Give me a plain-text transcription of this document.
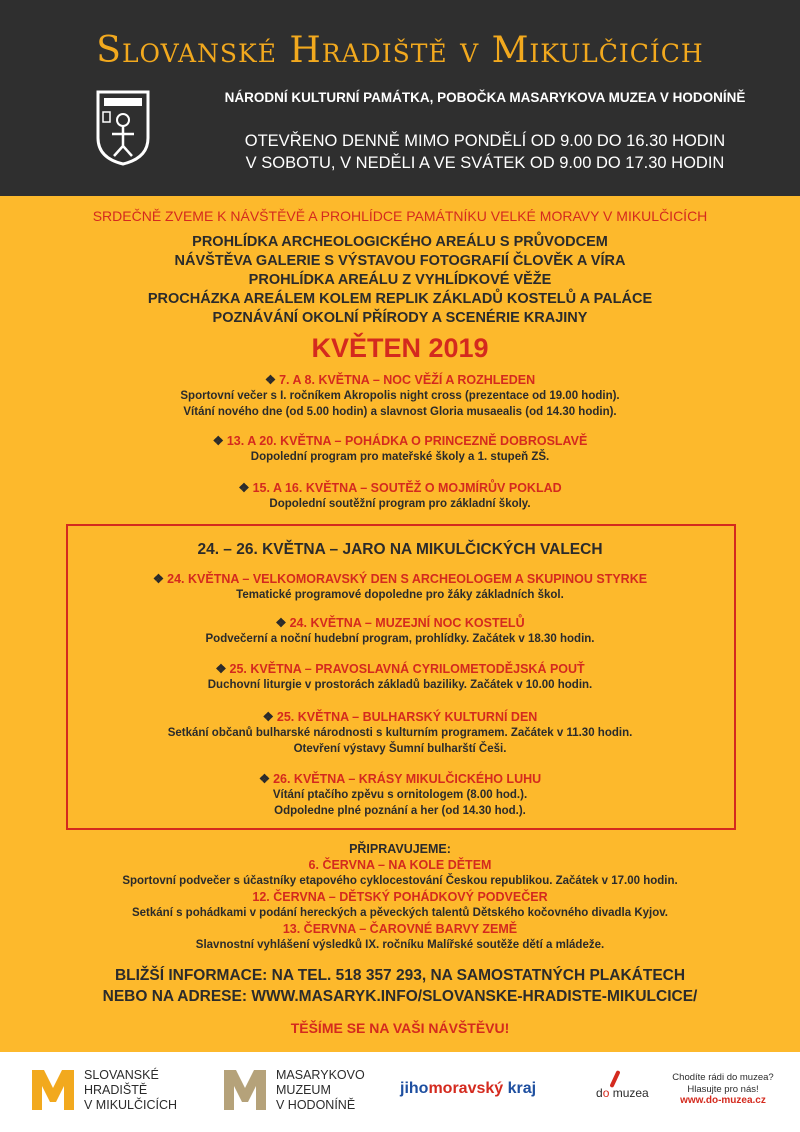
Slovanské Hradiště v Mikulčicích
NÁRODNÍ KULTURNÍ PAMÁTKA, POBOČKA MASARYKOVA MUZEA V HODONÍNĚ
OTEVŘENO DENNĚ MIMO PONDĚLÍ OD 9.00 DO 16.30 HODIN
V SOBOTU, V NEDĚLI A VE SVÁTEK OD 9.00 DO 17.30 HODIN
SRDEČNĚ ZVEME K NÁVŠTĚVĚ A PROHLÍDCE PAMÁTNÍKU VELKÉ MORAVY V MIKULČICÍCH
PROHLÍDKA ARCHEOLOGICKÉHO AREÁLU S PRŮVODCEM
NÁVŠTĚVA GALERIE S VÝSTAVOU FOTOGRAFIÍ ČLOVĚK A VÍRA
PROHLÍDKA AREÁLU Z VYHLÍDKOVÉ VĚŽE
PROCHÁZKA AREÁLEM KOLEM REPLIK ZÁKLADŮ KOSTELŮ A PALÁCE
POZNÁVÁNÍ OKOLNÍ PŘÍRODY A SCENÉRIE KRAJINY
KVĚTEN 2019
❖ 7. A 8. KVĚTNA – NOC VĚŽÍ A ROZHLEDEN
Sportovní večer s I. ročníkem Akropolis night cross (prezentace od 19.00 hodin).
Vítání nového dne (od 5.00 hodin) a slavnost Gloria musaealis (od 14.30 hodin).
❖ 13. A 20. KVĚTNA – POHÁDKA O PRINCEZNĚ DOBROSLAVĚ
Dopolední program pro mateřské školy a 1. stupeň ZŠ.
❖ 15. A 16. KVĚTNA – SOUTĚŽ O MOJMÍRŮV POKLAD
Dopolední soutěžní program pro základní školy.
24. – 26. KVĚTNA – JARO NA MIKULČICKÝCH VALECH
❖ 24. KVĚTNA – VELKOMORAVSKÝ DEN S ARCHEOLOGEM A SKUPINOU STYRKE
Tematické programové dopoledne pro žáky základních škol.
❖ 24. KVĚTNA – MUZEJNÍ NOC KOSTELŮ
Podvečerní a noční hudební program, prohlídky. Začátek v 18.30 hodin.
❖ 25. KVĚTNA – PRAVOSLAVNÁ CYRILOMETODĚJSKÁ POUŤ
Duchovní liturgie v prostorách základů baziliky. Začátek v 10.00 hodin.
❖ 25. KVĚTNA – BULHARSKÝ KULTURNÍ DEN
Setkání občanů bulharské národnosti s kulturním programem. Začátek v 11.30 hodin.
Otevření výstavy Šumní bulharští Češi.
❖ 26. KVĚTNA – KRÁSY MIKULČICKÉHO LUHU
Vítání ptačího zpěvu s ornitologem (8.00 hod.).
Odpoledne plné poznání a her (od 14.30 hod.).
PŘIPRAVUJEME:
6. ČERVNA – NA KOLE DĚTEM
Sportovní podvečer s účastníky etapového cyklocestování Českou republikou. Začátek v 17.00 hodin.
12. ČERVNA – DĚTSKÝ POHÁDKOVÝ PODVEČER
Setkání s pohádkami v podání hereckých a pěveckých talentů Dětského kočovného divadla Kyjov.
13. ČERVNA – ČAROVNÉ BARVY ZEMĚ
Slavnostní vyhlášení výsledků IX. ročníku Malířské soutěže dětí a mládeže.
BLIŽŠÍ INFORMACE: NA TEL. 518 357 293, NA SAMOSTATNÝCH PLAKÁTECH
NEBO NA ADRESE: WWW.MASARYK.INFO/SLOVANSKE-HRADISTE-MIKULCICE/
TĚŠÍME SE NA VAŠI NÁVŠTĚVU!
SLOVANSKÉ
HRADIŠTĚ
V MIKULČICÍCH
MASARYKOVO
MUZEUM
V HODONÍNĚ
jihomoravský kraj	do muzea
Chodíte rádi do muzea?
Hlasujte pro nás!
www.do-muzea.cz
